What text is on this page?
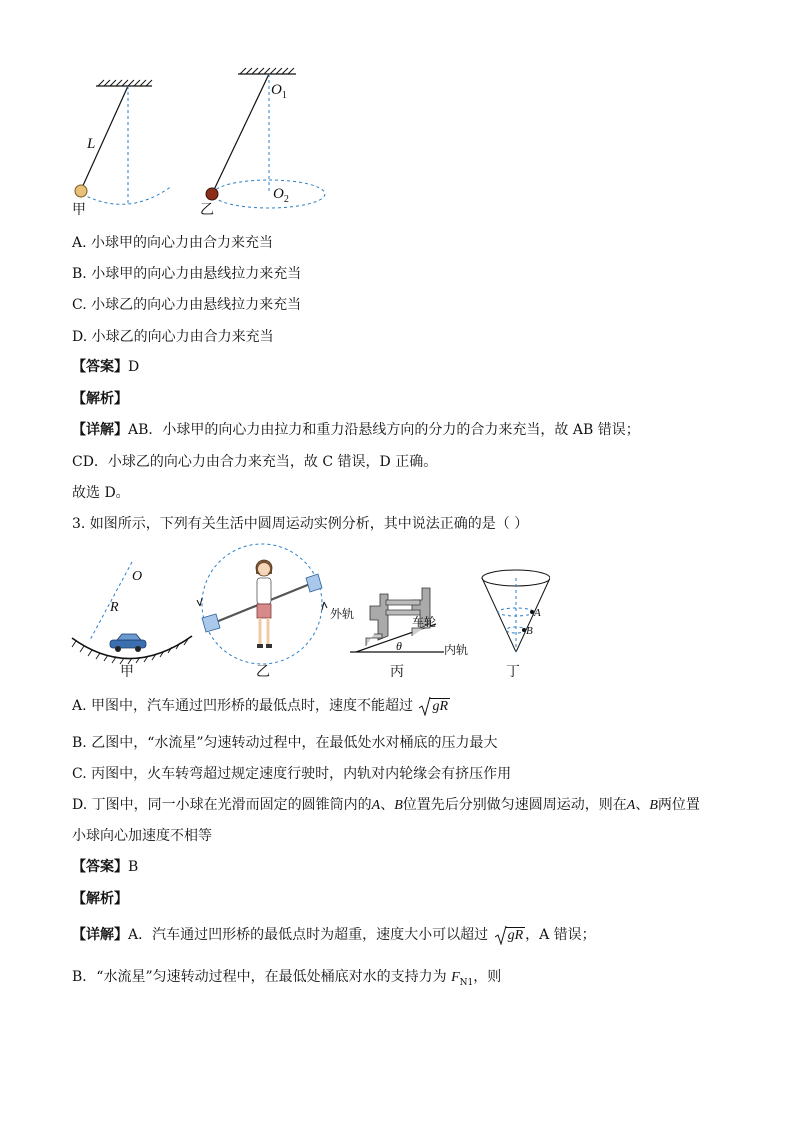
L
甲
$O_1$
$O_2$
乙
A. 小球甲的向心力由合力来充当
B. 小球甲的向心力由悬线拉力来充当
C. 小球乙的向心力由悬线拉力来充当
D. 小球乙的向心力由合力来充当
【答案】D
【解析】
【详解】AB．小球甲的向心力由拉力和重力沿悬线方向的分力的合力来充当，故 AB 错误；
CD．小球乙的向心力由合力来充当，故 C 错误，D 正确。
故选 D。
3. 如图所示，下列有关生活中圆周运动实例分析，其中说法正确的是（ ）
O
R
甲	乙
外轨
车轮
内轨
θ
丙
A
B
丁
A. 甲图中，汽车通过凹形桥的最低点时，速度不能超过 gR
B. 乙图中，“水流星”匀速转动过程中，在最低处水对桶底的压力最大
C. 丙图中，火车转弯超过规定速度行驶时，内轨对内轮缘会有挤压作用
D. 丁图中，同一小球在光滑而固定的圆锥筒内的A、B位置先后分别做匀速圆周运动，则在A、B两位置
小球向心加速度不相等
【答案】B
【解析】
【详解】A．汽车通过凹形桥的最低点时为超重，速度大小可以超过 gR ，A 错误；
B．“水流星”匀速转动过程中，在最低处桶底对水的支持力为 $F_{N1}$，则
